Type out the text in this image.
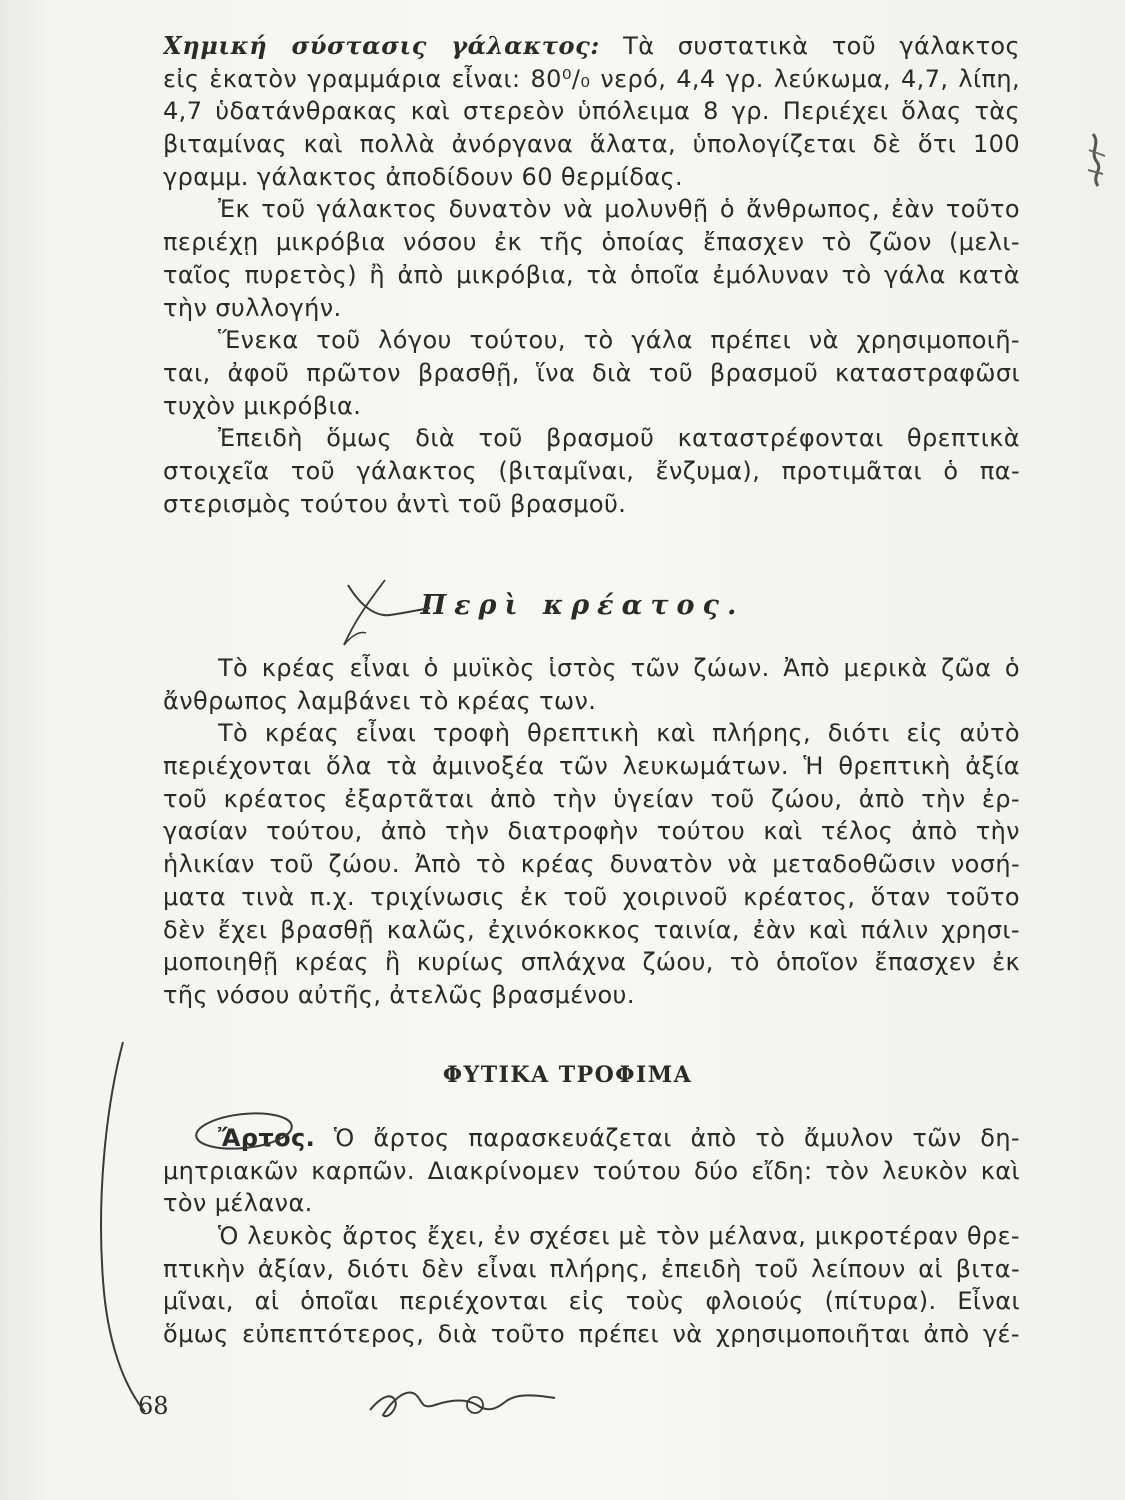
Χημική σύστασις γάλακτος: Τὰ συστατικὰ τοῦ γάλακτος
εἰς ἑκατὸν γραμμάρια εἶναι: 80⁰/₀ νερό, 4,4 γρ. λεύκωμα, 4,7, λίπη,
4,7 ὑδατάνθρακας καὶ στερεὸν ὑπόλειμα 8 γρ. Περιέχει ὅλας τὰς
βιταμίνας καὶ πολλὰ ἀνόργανα ἅλατα, ὑπολογίζεται δὲ ὅτι 100
γραμμ. γάλακτος ἀποδίδουν 60 θερμίδας.
Ἐκ τοῦ γάλακτος δυνατὸν νὰ μολυνθῇ ὁ ἄνθρωπος, ἐὰν τοῦτο
περιέχῃ μικρόβια νόσου ἐκ τῆς ὁποίας ἔπασχεν τὸ ζῶον (μελι-
ταῖος πυρετὸς) ἢ ἀπὸ μικρόβια, τὰ ὁποῖα ἐμόλυναν τὸ γάλα κατὰ
τὴν συλλογήν.
Ἕνεκα τοῦ λόγου τούτου, τὸ γάλα πρέπει νὰ χρησιμοποιῆ-
ται, ἀφοῦ πρῶτον βρασθῇ, ἵνα διὰ τοῦ βρασμοῦ καταστραφῶσι
τυχὸν μικρόβια.
Ἐπειδὴ ὅμως διὰ τοῦ βρασμοῦ καταστρέφονται θρεπτικὰ
στοιχεῖα τοῦ γάλακτος (βιταμῖναι, ἔνζυμα), προτιμᾶται ὁ πα-
στερισμὸς τούτου ἀντὶ τοῦ βρασμοῦ.
Περὶ κρέατος.
Τὸ κρέας εἶναι ὁ μυϊκὸς ἱστὸς τῶν ζώων. Ἀπὸ μερικὰ ζῶα ὁ
ἄνθρωπος λαμβάνει τὸ κρέας των.
Τὸ κρέας εἶναι τροφὴ θρεπτικὴ καὶ πλήρης, διότι εἰς αὐτὸ
περιέχονται ὅλα τὰ ἀμινοξέα τῶν λευκωμάτων. Ἡ θρεπτικὴ ἀξία
τοῦ κρέατος ἐξαρτᾶται ἀπὸ τὴν ὑγείαν τοῦ ζώου, ἀπὸ τὴν ἐρ-
γασίαν τούτου, ἀπὸ τὴν διατροφὴν τούτου καὶ τέλος ἀπὸ τὴν
ἡλικίαν τοῦ ζώου. Ἀπὸ τὸ κρέας δυνατὸν νὰ μεταδοθῶσιν νοσή-
ματα τινὰ π.χ. τριχίνωσις ἐκ τοῦ χοιρινοῦ κρέατος, ὅταν τοῦτο
δὲν ἔχει βρασθῇ καλῶς, ἐχινόκοκκος ταινία, ἐὰν καὶ πάλιν χρησι-
μοποιηθῇ κρέας ἢ κυρίως σπλάχνα ζώου, τὸ ὁποῖον ἔπασχεν ἐκ
τῆς νόσου αὐτῆς, ἀτελῶς βρασμένου.
ΦΥΤΙΚΑ ΤΡΟΦΙΜΑ
Ἄρτος. Ὁ ἄρτος παρασκευάζεται ἀπὸ τὸ ἄμυλον τῶν δη-
μητριακῶν καρπῶν. Διακρίνομεν τούτου δύο εἴδη: τὸν λευκὸν καὶ
τὸν μέλανα.
Ὁ λευκὸς ἄρτος ἔχει, ἐν σχέσει μὲ τὸν μέλανα, μικροτέραν θρε-
πτικὴν ἀξίαν, διότι δὲν εἶναι πλήρης, ἐπειδὴ τοῦ λείπουν αἱ βιτα-
μῖναι, αἱ ὁποῖαι περιέχονται εἰς τοὺς φλοιούς (πίτυρα). Εἶναι
ὅμως εὐπεπτότερος, διὰ τοῦτο πρέπει νὰ χρησιμοποιῆται ἀπὸ γέ-
68
